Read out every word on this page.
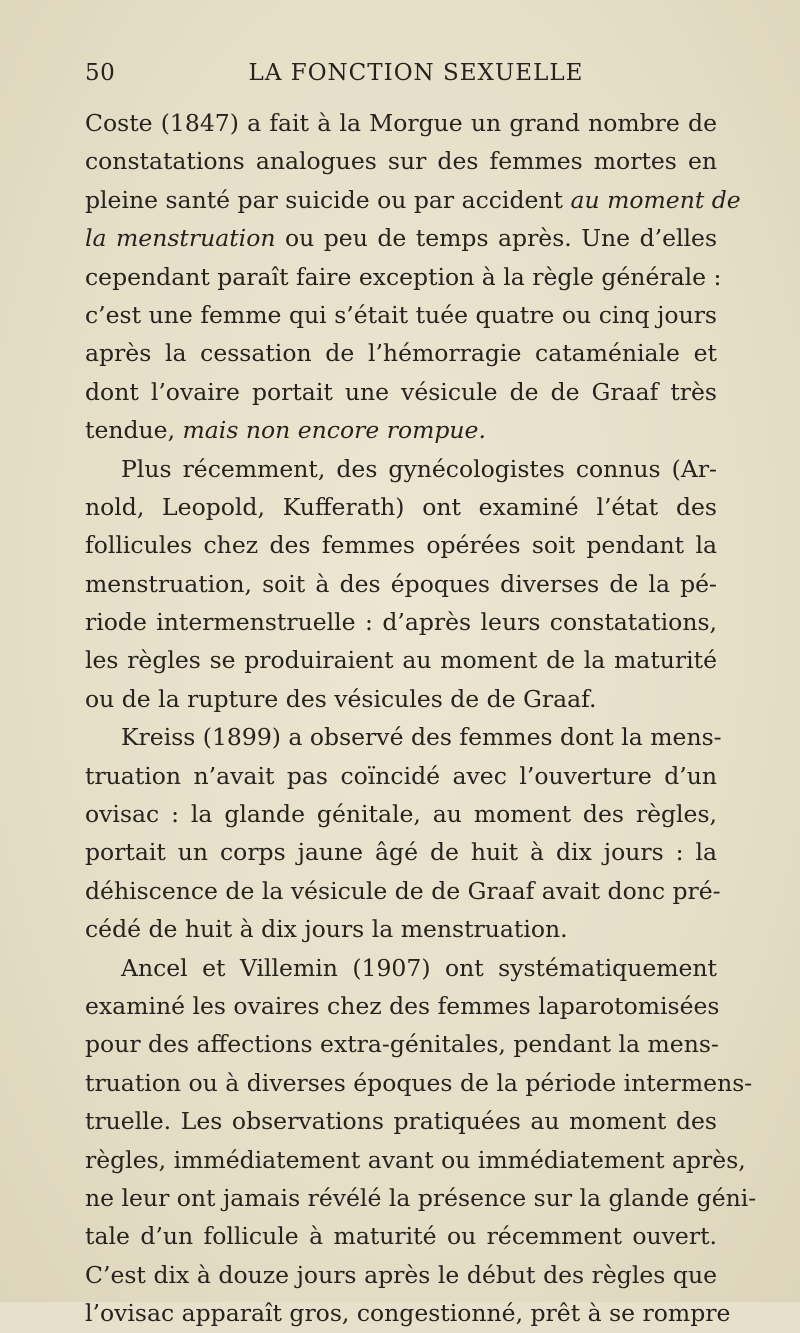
50	LA FONCTION SEXUELLE
Coste (1847) a fait à la Morgue un grand nombre de
constatations analogues sur des femmes mortes en
pleine santé par suicide ou par accident au moment de
la menstruation ou peu de temps après. Une d’elles
cependant paraît faire exception à la règle générale :
c’est une femme qui s’était tuée quatre ou cinq jours
après la cessation de l’hémorragie cataméniale et
dont l’ovaire portait une vésicule de de Graaf très
tendue, mais non encore rompue.
Plus récemment, des gynécologistes connus (Ar-
nold, Leopold, Kufferath) ont examiné l’état des
follicules chez des femmes opérées soit pendant la
menstruation, soit à des époques diverses de la pé-
riode intermenstruelle : d’après leurs constatations,
les règles se produiraient au moment de la maturité
ou de la rupture des vésicules de de Graaf.
Kreiss (1899) a observé des femmes dont la mens-
truation n’avait pas coïncidé avec l’ouverture d’un
ovisac : la glande génitale, au moment des règles,
portait un corps jaune âgé de huit à dix jours : la
déhiscence de la vésicule de de Graaf avait donc pré-
cédé de huit à dix jours la menstruation.
Ancel et Villemin (1907) ont systématiquement
examiné les ovaires chez des femmes laparotomisées
pour des affections extra-génitales, pendant la mens-
truation ou à diverses époques de la période intermens-
truelle. Les observations pratiquées au moment des
règles, immédiatement avant ou immédiatement après,
ne leur ont jamais révélé la présence sur la glande géni-
tale d’un follicule à maturité ou récemment ouvert.
C’est dix à douze jours après le début des règles que
l’ovisac apparaît gros, congestionné, prêt à se rompre
